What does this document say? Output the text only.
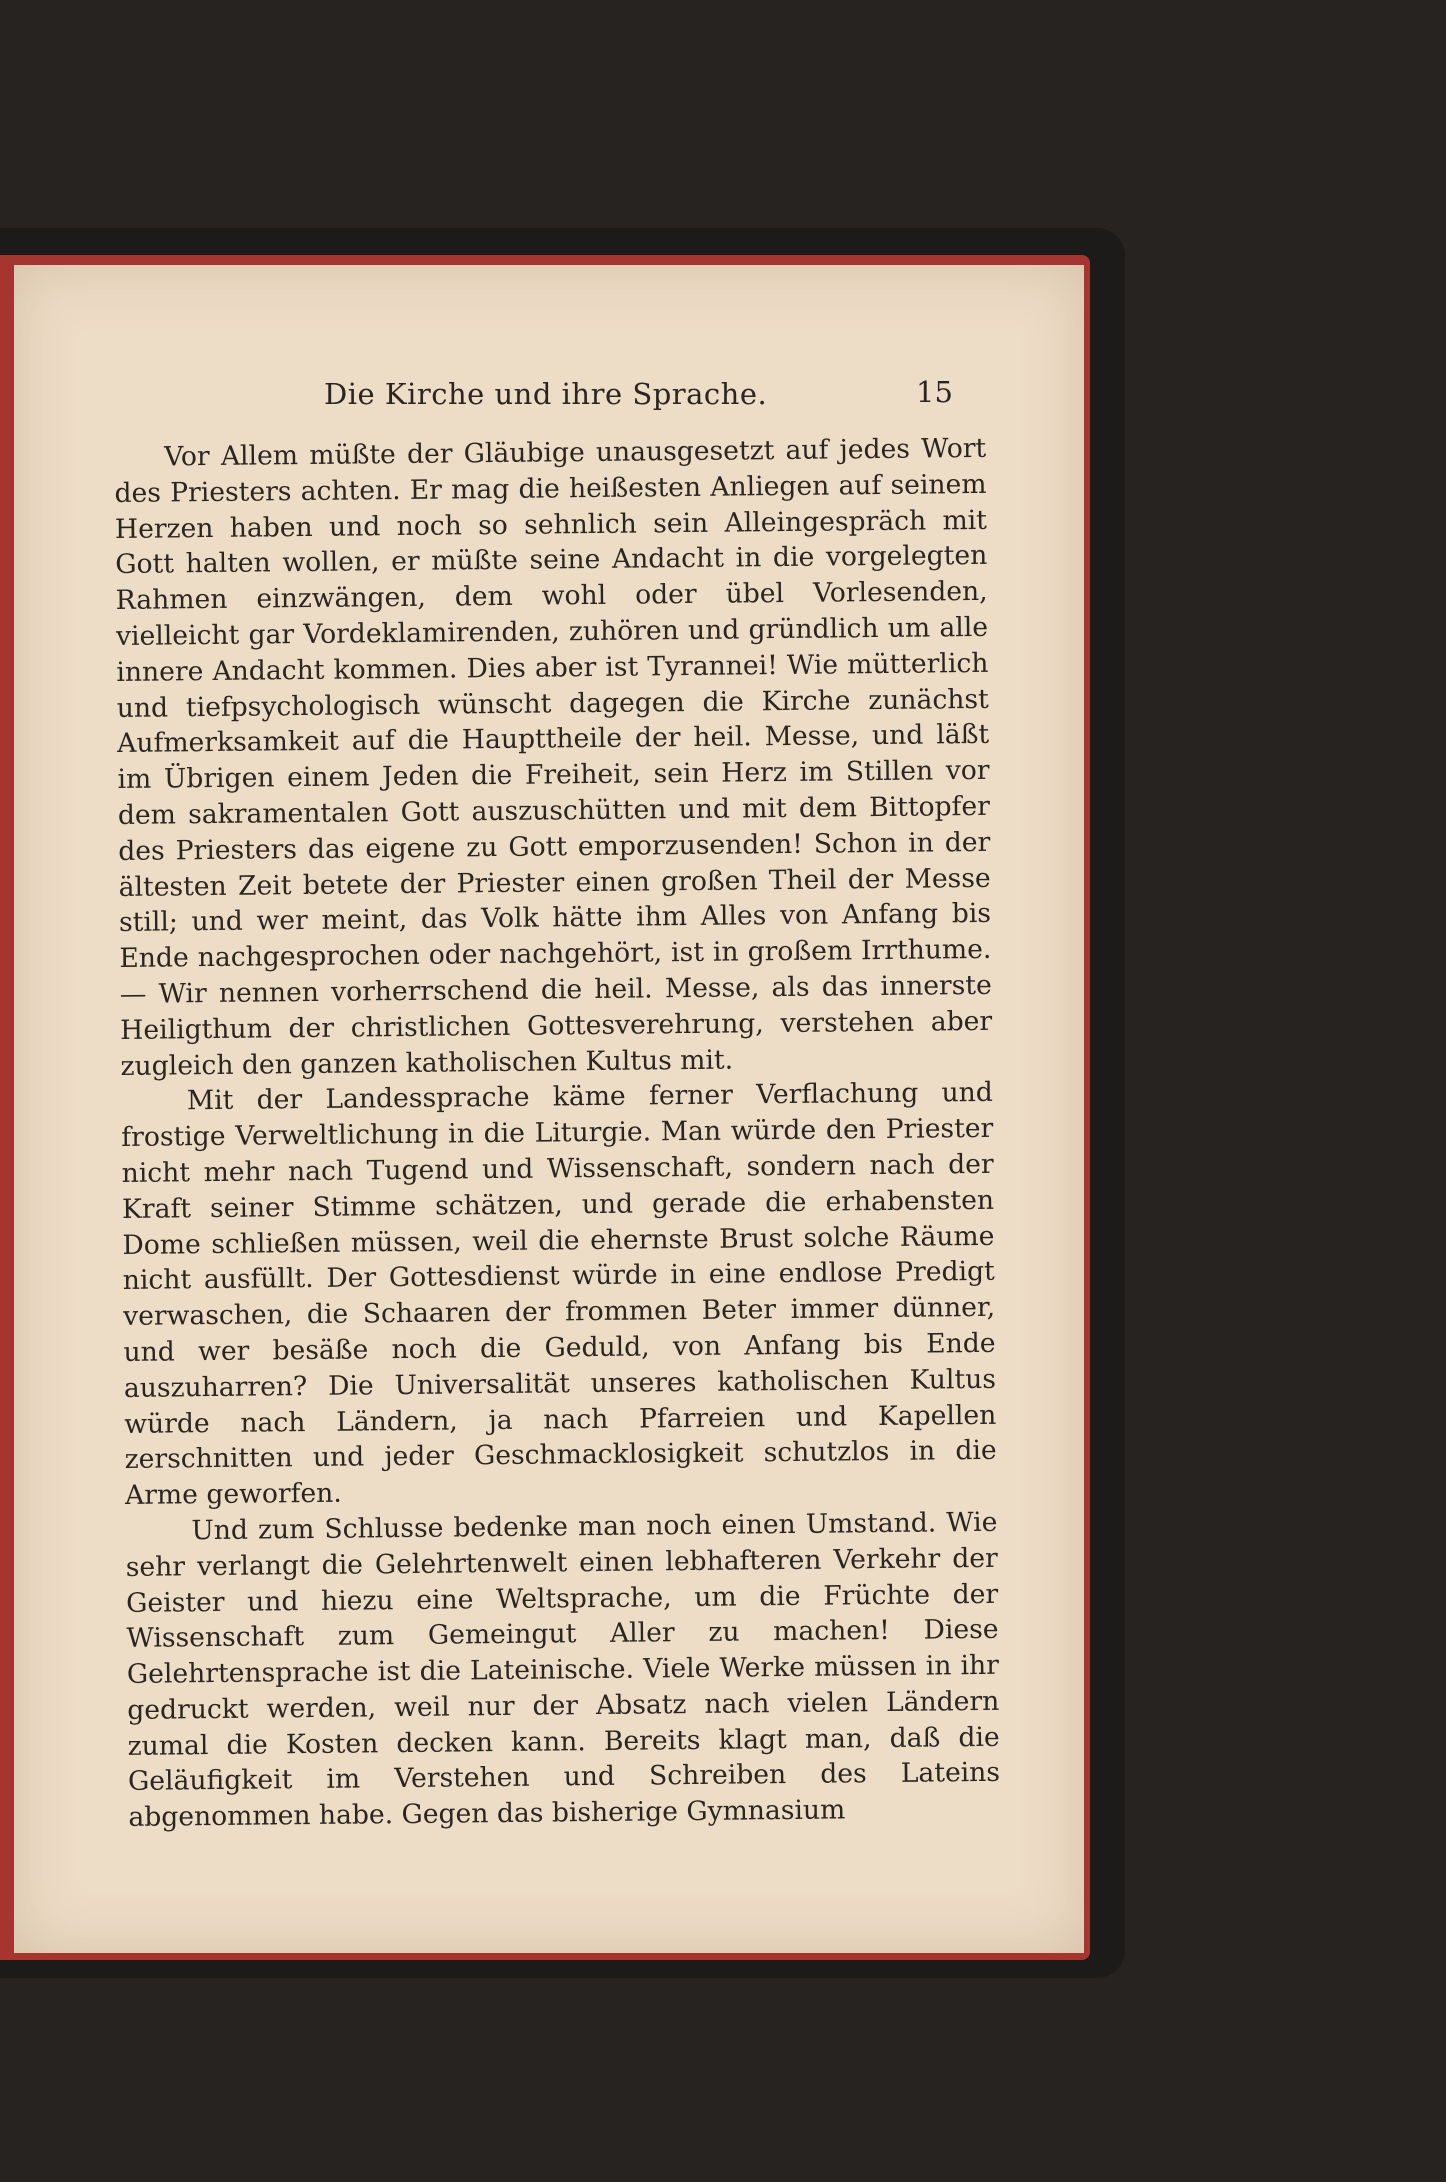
Die Kirche und ihre Sprache.	15

Vor Allem müßte der Gläubige unausgesetzt auf jedes Wort des Priesters achten. Er mag die heißesten Anliegen auf seinem Herzen haben und noch so sehnlich sein Alleingespräch mit Gott halten wollen, er müßte seine Andacht in die vorgelegten Rahmen einzwängen, dem wohl oder übel Vorlesenden, vielleicht gar Vordeklamirenden, zuhören und gründlich um alle innere Andacht kommen. Dies aber ist Tyrannei! Wie mütterlich und tiefpsychologisch wünscht dagegen die Kirche zunächst Aufmerksamkeit auf die Haupttheile der heil. Messe, und läßt im Übrigen einem Jeden die Freiheit, sein Herz im Stillen vor dem sakramentalen Gott auszuschütten und mit dem Bittopfer des Priesters das eigene zu Gott emporzusenden! Schon in der ältesten Zeit betete der Priester einen großen Theil der Messe still; und wer meint, das Volk hätte ihm Alles von Anfang bis Ende nachgesprochen oder nachgehört, ist in großem Irrthume. — Wir nennen vorherrschend die heil. Messe, als das innerste Heiligthum der christlichen Gottesverehrung, verstehen aber zugleich den ganzen katholischen Kultus mit.

Mit der Landessprache käme ferner Verflachung und frostige Verweltlichung in die Liturgie. Man würde den Priester nicht mehr nach Tugend und Wissenschaft, sondern nach der Kraft seiner Stimme schätzen, und gerade die erhabensten Dome schließen müssen, weil die ehernste Brust solche Räume nicht ausfüllt. Der Gottesdienst würde in eine endlose Predigt verwaschen, die Schaaren der frommen Beter immer dünner, und wer besäße noch die Geduld, von Anfang bis Ende auszuharren? Die Universalität unseres katholischen Kultus würde nach Ländern, ja nach Pfarreien und Kapellen zerschnitten und jeder Geschmacklosigkeit schutzlos in die Arme geworfen.

Und zum Schlusse bedenke man noch einen Umstand. Wie sehr verlangt die Gelehrtenwelt einen lebhafteren Verkehr der Geister und hiezu eine Weltsprache, um die Früchte der Wissenschaft zum Gemeingut Aller zu machen! Diese Gelehrtensprache ist die Lateinische. Viele Werke müssen in ihr gedruckt werden, weil nur der Absatz nach vielen Ländern zumal die Kosten decken kann. Bereits klagt man, daß die Geläufigkeit im Verstehen und Schreiben des Lateins abgenommen habe. Gegen das bisherige Gymnasium
